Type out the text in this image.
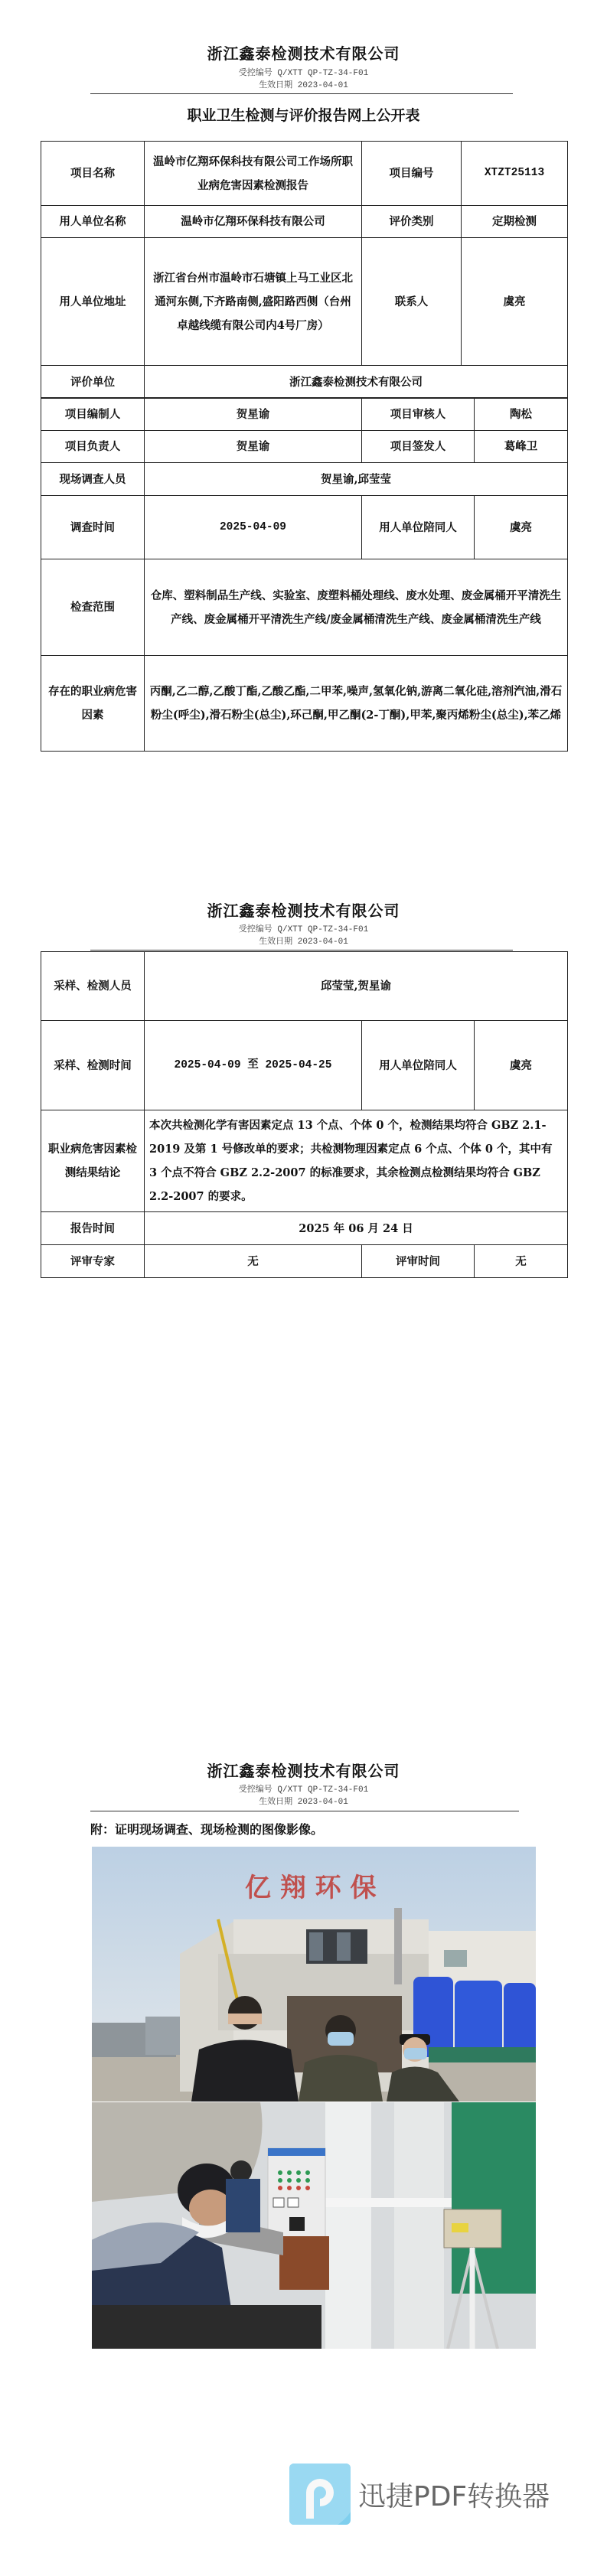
浙江鑫泰检测技术有限公司
受控编号 Q/XTT QP-TZ-34-F01
生效日期 2023-04-01
职业卫生检测与评价报告网上公开表
项目名称	温岭市亿翔环保科技有限公司工作场所职业病危害因素检测报告	项目编号	XTZT25113
用人单位名称	温岭市亿翔环保科技有限公司	评价类别	定期检测
用人单位地址	浙江省台州市温岭市石塘镇上马工业区北通河东侧,下齐路南侧,盛阳路西侧（台州卓越线缆有限公司内4号厂房）	联系人	虞亮
评价单位	浙江鑫泰检测技术有限公司		
项目编制人	贺星谕	项目审核人	陶松
项目负责人	贺星谕	项目签发人	葛峰卫
现场调查人员	贺星谕,邱莹莹		
调查时间	2025-04-09	用人单位陪同人	虞亮
检查范围	仓库、塑料制品生产线、实验室、废塑料桶处理线、废水处理、废金属桶开平清洗生产线、废金属桶开平清洗生产线/废金属桶清洗生产线、废金属桶清洗生产线		
存在的职业病危害因素	丙酮,乙二醇,乙酸丁酯,乙酸乙酯,二甲苯,噪声,氢氧化钠,游离二氧化硅,溶剂汽油,滑石粉尘(呼尘),滑石粉尘(总尘),环己酮,甲乙酮(2-丁酮),甲苯,聚丙烯粉尘(总尘),苯乙烯		
浙江鑫泰检测技术有限公司
受控编号 Q/XTT QP-TZ-34-F01
生效日期 2023-04-01
采样、检测人员	邱莹莹,贺星谕		
采样、检测时间	2025-04-09 至 2025-04-25	用人单位陪同人	虞亮
职业病危害因素检测结果结论	本次共检测化学有害因素定点 13 个点、个体 0 个，检测结果均符合 GBZ 2.1-2019 及第 1 号修改单的要求；共检测物理因素定点 6 个点、个体 0 个，其中有 3 个点不符合 GBZ 2.2-2007 的标准要求，其余检测点检测结果均符合 GBZ 2.2-2007 的要求。		
报告时间	2025 年 06 月 24 日		
评审专家	无	评审时间	无
浙江鑫泰检测技术有限公司
受控编号 Q/XTT QP-TZ-34-F01
生效日期 2023-04-01
附：证明现场调查、现场检测的图像影像。
亿 翔 环 保
迅捷PDF转换器
